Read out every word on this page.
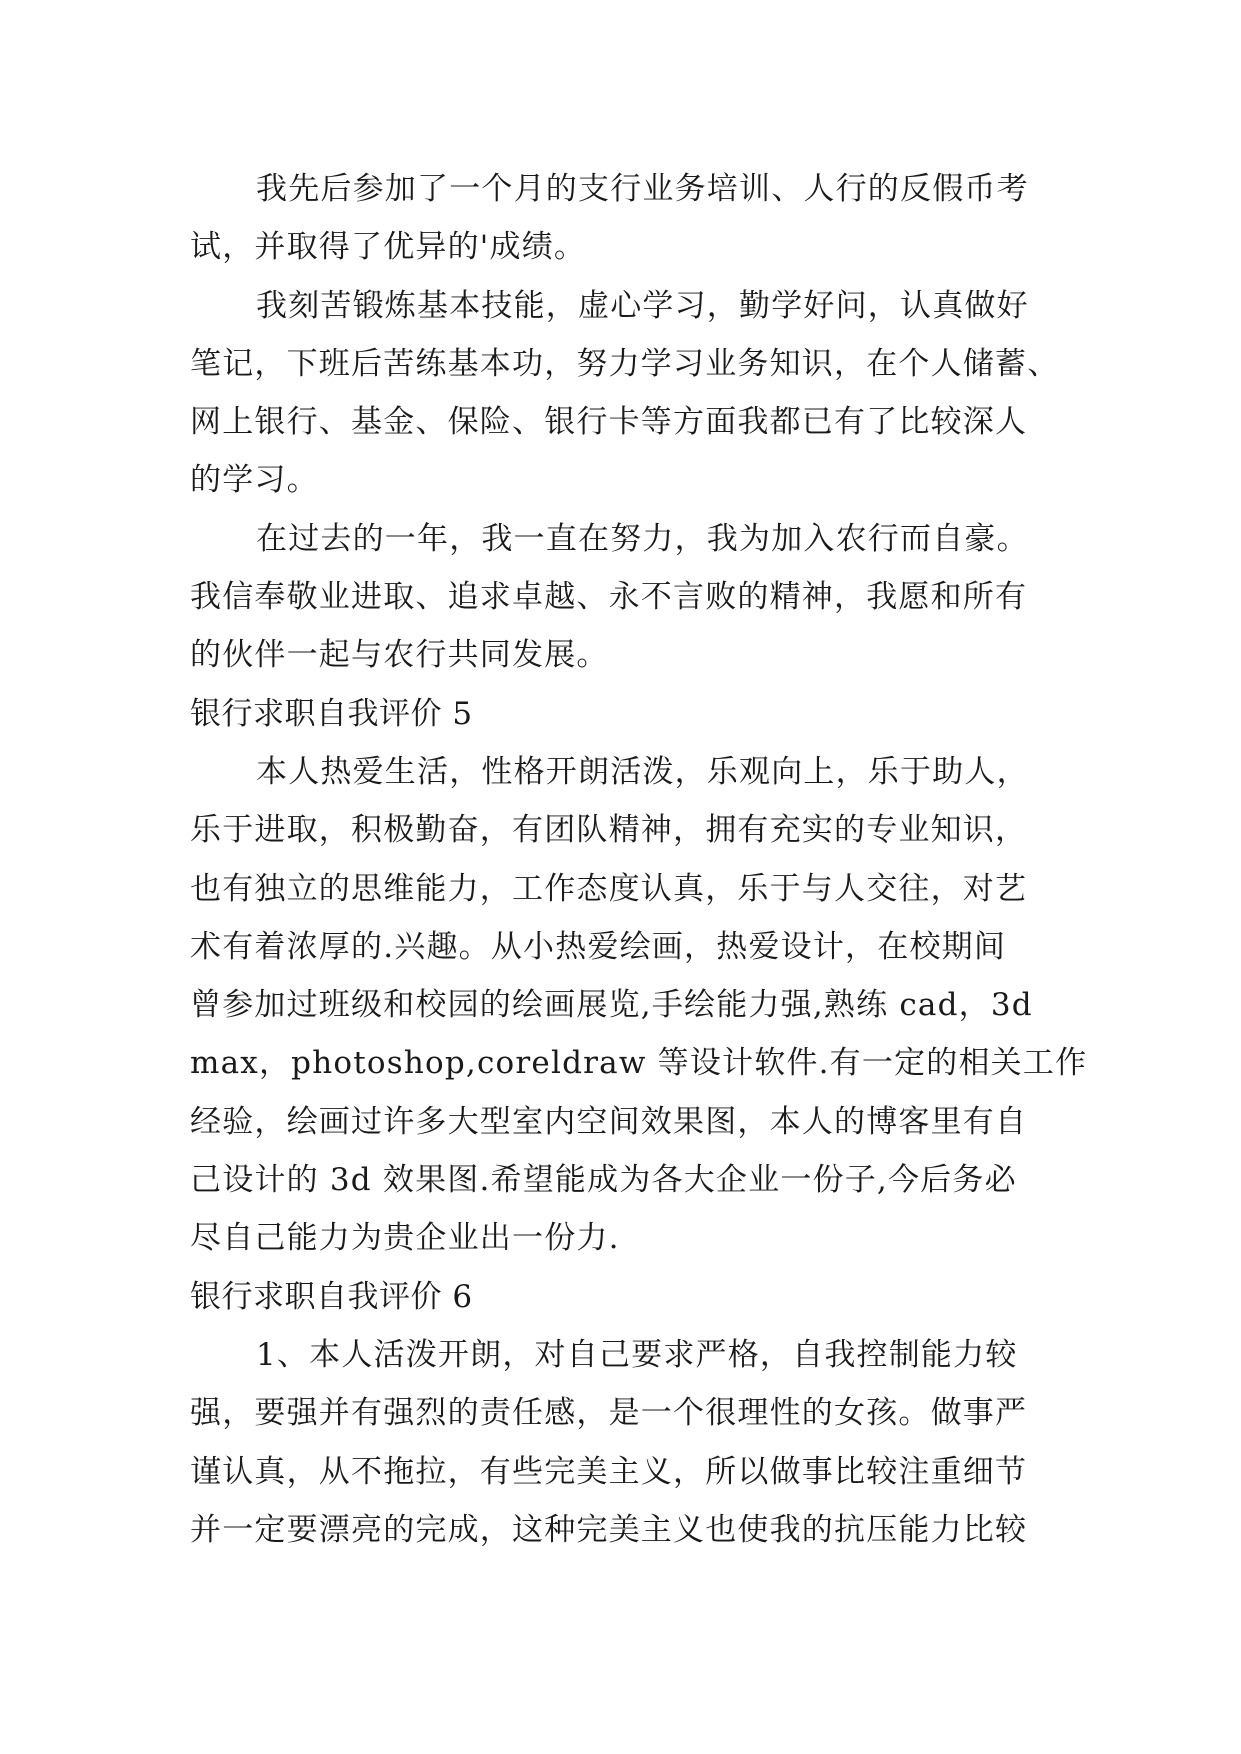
我先后参加了一个月的支行业务培训、人行的反假币考
试，并取得了优异的'成绩。
我刻苦锻炼基本技能，虚心学习，勤学好问，认真做好
笔记，下班后苦练基本功，努力学习业务知识，在个人储蓄、
网上银行、基金、保险、银行卡等方面我都已有了比较深人
的学习。
在过去的一年，我一直在努力，我为加入农行而自豪。
我信奉敬业进取、追求卓越、永不言败的精神，我愿和所有
的伙伴一起与农行共同发展。
银行求职自我评价 5
本人热爱生活，性格开朗活泼，乐观向上，乐于助人，
乐于进取，积极勤奋，有团队精神，拥有充实的专业知识，
也有独立的思维能力，工作态度认真，乐于与人交往，对艺
术有着浓厚的.兴趣。从小热爱绘画，热爱设计，在校期间
曾参加过班级和校园的绘画展览,手绘能力强,熟练 cad，3d
max，photoshop,coreldraw 等设计软件.有一定的相关工作
经验，绘画过许多大型室内空间效果图，本人的博客里有自
己设计的 3d 效果图.希望能成为各大企业一份子,今后务必
尽自己能力为贵企业出一份力.
银行求职自我评价 6
1、本人活泼开朗，对自己要求严格，自我控制能力较
强，要强并有强烈的责任感，是一个很理性的女孩。做事严
谨认真，从不拖拉，有些完美主义，所以做事比较注重细节
并一定要漂亮的完成，这种完美主义也使我的抗压能力比较
